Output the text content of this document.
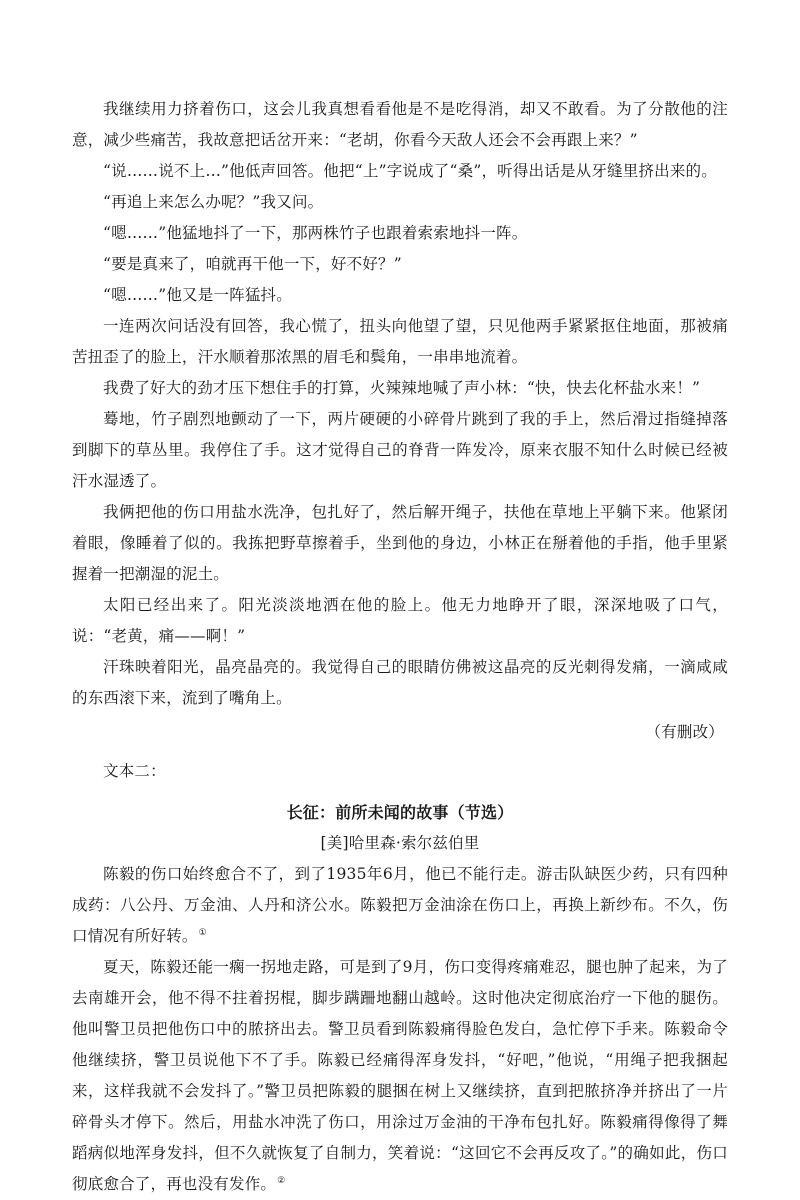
我继续用力挤着伤口，这会儿我真想看看他是不是吃得消，却又不敢看。为了分散他的注意，减少些痛苦，我故意把话岔开来：“老胡，你看今天敌人还会不会再跟上来？”

“说……说不上…”他低声回答。他把“上”字说成了“桑”，听得出话是从牙缝里挤出来的。

“再追上来怎么办呢？”我又问。

“嗯……”他猛地抖了一下，那两株竹子也跟着索索地抖一阵。

“要是真来了，咱就再干他一下，好不好？”

“嗯……”他又是一阵猛抖。

一连两次问话没有回答，我心慌了，扭头向他望了望，只见他两手紧紧抠住地面，那被痛苦扭歪了的脸上，汗水顺着那浓黑的眉毛和鬓角，一串串地流着。

我费了好大的劲才压下想住手的打算，火辣辣地喊了声小林：“快，快去化杯盐水来！”

蓦地，竹子剧烈地颤动了一下，两片硬硬的小碎骨片跳到了我的手上，然后滑过指缝掉落到脚下的草丛里。我停住了手。这才觉得自己的脊背一阵发冷，原来衣服不知什么时候已经被汗水湿透了。

我俩把他的伤口用盐水洗净，包扎好了，然后解开绳子，扶他在草地上平躺下来。他紧闭着眼，像睡着了似的。我拣把野草擦着手，坐到他的身边，小林正在掰着他的手指，他手里紧握着一把潮湿的泥土。

太阳已经出来了。阳光淡淡地洒在他的脸上。他无力地睁开了眼，深深地吸了口气，说：“老黄，痛——啊！”

汗珠映着阳光，晶亮晶亮的。我觉得自己的眼睛仿佛被这晶亮的反光刺得发痛，一滴咸咸的东西滚下来，流到了嘴角上。

（有删改）

文本二：

长征：前所未闻的故事（节选）

[美]哈里森·索尔兹伯里

陈毅的伤口始终愈合不了，到了1935年6月，他已不能行走。游击队缺医少药，只有四种成药：八公丹、万金油、人丹和济公水。陈毅把万金油涂在伤口上，再换上新纱布。不久，伤口情况有所好转。①

夏天，陈毅还能一瘸一拐地走路，可是到了9月，伤口变得疼痛难忍，腿也肿了起来，为了去南雄开会，他不得不拄着拐棍，脚步蹒跚地翻山越岭。这时他决定彻底治疗一下他的腿伤。他叫警卫员把他伤口中的脓挤出去。警卫员看到陈毅痛得脸色发白，急忙停下手来。陈毅命令他继续挤，警卫员说他下不了手。陈毅已经痛得浑身发抖，“好吧，”他说，“用绳子把我捆起来，这样我就不会发抖了。”警卫员把陈毅的腿捆在树上又继续挤，直到把脓挤净并挤出了一片碎骨头才停下。然后，用盐水冲洗了伤口，用涂过万金油的干净布包扎好。陈毅痛得像得了舞蹈病似地浑身发抖，但不久就恢复了自制力，笑着说：“这回它不会再反攻了。”的确如此，伤口彻底愈合了，再也没有发作。②
